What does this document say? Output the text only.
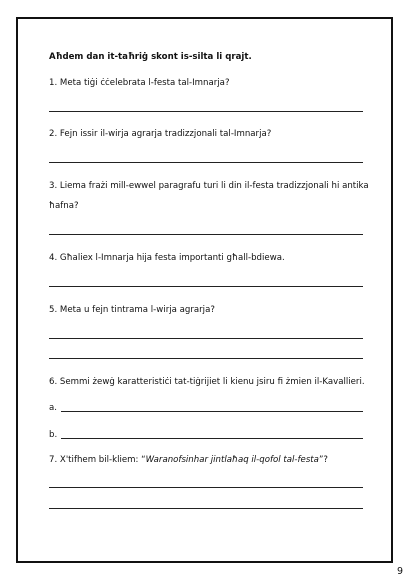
Aħdem dan it-taħriġ skont is-silta li qrajt.
1. Meta tiġi ċċelebrata l-festa tal-Imnarja?
2. Fejn issir il-wirja agrarja tradizzjonali tal-Imnarja?
3. Liema frażi mill-ewwel paragrafu turi li din il-festa tradizzjonali hi antika
ħafna?
4. Għaliex l-Imnarja hija festa importanti għall-bdiewa.
5. Meta u fejn tintrama l-wirja agrarja?
6. Semmi żewġ karatteristiċi tat-tiġrijiet li kienu jsiru fi żmien il-Kavallieri.
a.
b.
7. X'tifhem bil-kliem: “Waranofsinhar jintlaħaq il-qofol tal-festa”?
9
